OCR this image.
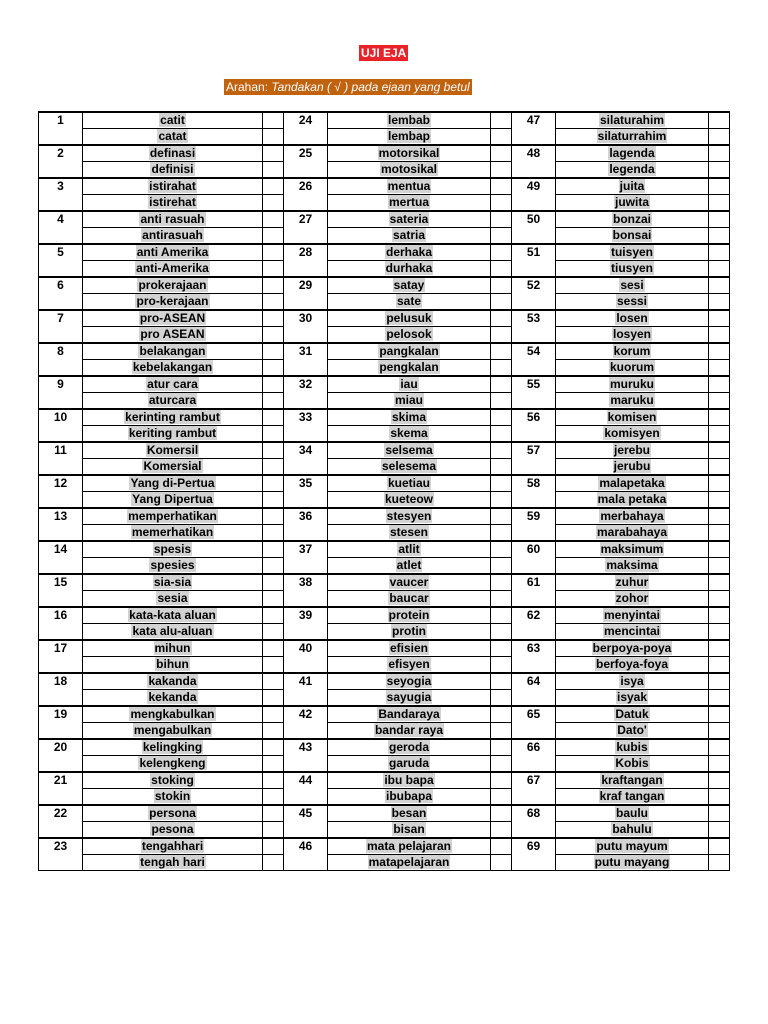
UJI EJA
Arahan: Tandakan ( √ ) pada ejaan yang betul
1	catit		24	lembab		47	silaturahim	
	catat			lembap			silaturrahim	
2	definasi		25	motorsikal		48	lagenda	
	definisi			motosikal			legenda	
3	istirahat		26	mentua		49	juita	
	istirehat			mertua			juwita	
4	anti rasuah		27	sateria		50	bonzai	
	antirasuah			satria			bonsai	
5	anti Amerika		28	derhaka		51	tuisyen	
	anti-Amerika			durhaka			tiusyen	
6	prokerajaan		29	satay		52	sesi	
	pro-kerajaan			sate			sessi	
7	pro-ASEAN		30	pelusuk		53	losen	
	pro ASEAN			pelosok			losyen	
8	belakangan		31	pangkalan		54	korum	
	kebelakangan			pengkalan			kuorum	
9	atur cara		32	iau		55	muruku	
	aturcara			miau			maruku	
10	kerinting rambut		33	skima		56	komisen	
	keriting rambut			skema			komisyen	
11	Komersil		34	selsema		57	jerebu	
	Komersial			selesema			jerubu	
12	Yang di-Pertua		35	kuetiau		58	malapetaka	
	Yang Dipertua			kueteow			mala petaka	
13	memperhatikan		36	stesyen		59	merbahaya	
	memerhatikan			stesen			marabahaya	
14	spesis		37	atlit		60	maksimum	
	spesies			atlet			maksima	
15	sia-sia		38	vaucer		61	zuhur	
	sesia			baucar			zohor	
16	kata-kata aluan		39	protein		62	menyintai	
	kata alu-aluan			protin			mencintai	
17	mihun		40	efisien		63	berpoya-poya	
	bihun			efisyen			berfoya-foya	
18	kakanda		41	seyogia		64	isya	
	kekanda			sayugia			isyak	
19	mengkabulkan		42	Bandaraya		65	Datuk	
	mengabulkan			bandar raya			Dato'	
20	kelingking		43	geroda		66	kubis	
	kelengkeng			garuda			Kobis	
21	stoking		44	ibu bapa		67	kraftangan	
	stokin			ibubapa			kraf tangan	
22	persona		45	besan		68	baulu	
	pesona			bisan			bahulu	
23	tengahhari		46	mata pelajaran		69	putu mayum	
	tengah hari			matapelajaran			putu mayang	
